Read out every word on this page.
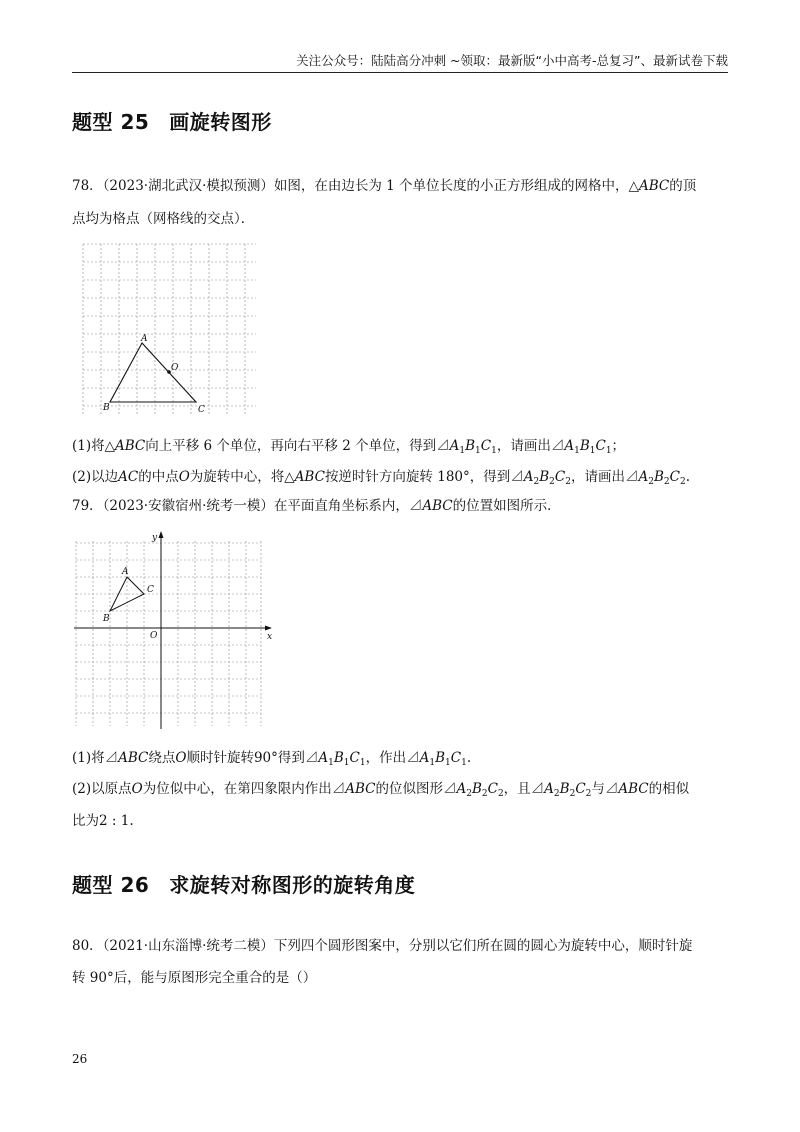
关注公众号：陆陆高分冲刺 ~领取：最新版“小中高考-总复习”、最新试卷下载
题型 25 画旋转图形
78．（2023·湖北武汉·模拟预测）如图，在由边长为 1 个单位长度的小正方形组成的网格中，△ABC的顶
点均为格点（网格线的交点）．
A
O
B	C
(1)将△ABC向上平移 6 个单位，再向右平移 2 个单位，得到$⊿A_1B_1C_1$，请画出$⊿A_1B_1C_1$；
(2)以边AC的中点O为旋转中心，将△ABC按逆时针方向旋转 180°，得到$⊿A_2B_2C_2$，请画出$⊿A_2B_2C_2$.
79．（2023·安徽宿州·统考一模）在平面直角坐标系内，⊿ABC的位置如图所示．
A
C
B
O	x
y
(1)将⊿ABC绕点O顺时针旋转90°得到$⊿A_1B_1C_1$，作出$⊿A_1B_1C_1$.
(2)以原点O为位似中心，在第四象限内作出⊿ABC的位似图形$⊿A_2B_2C_2$，且$⊿A_2B_2C_2$与⊿ABC的相似
比为2 : 1.
题型 26 求旋转对称图形的旋转角度
80．（2021·山东淄博·统考二模）下列四个圆形图案中，分别以它们所在圆的圆心为旋转中心，顺时针旋
转 90°后，能与原图形完全重合的是（）
26
